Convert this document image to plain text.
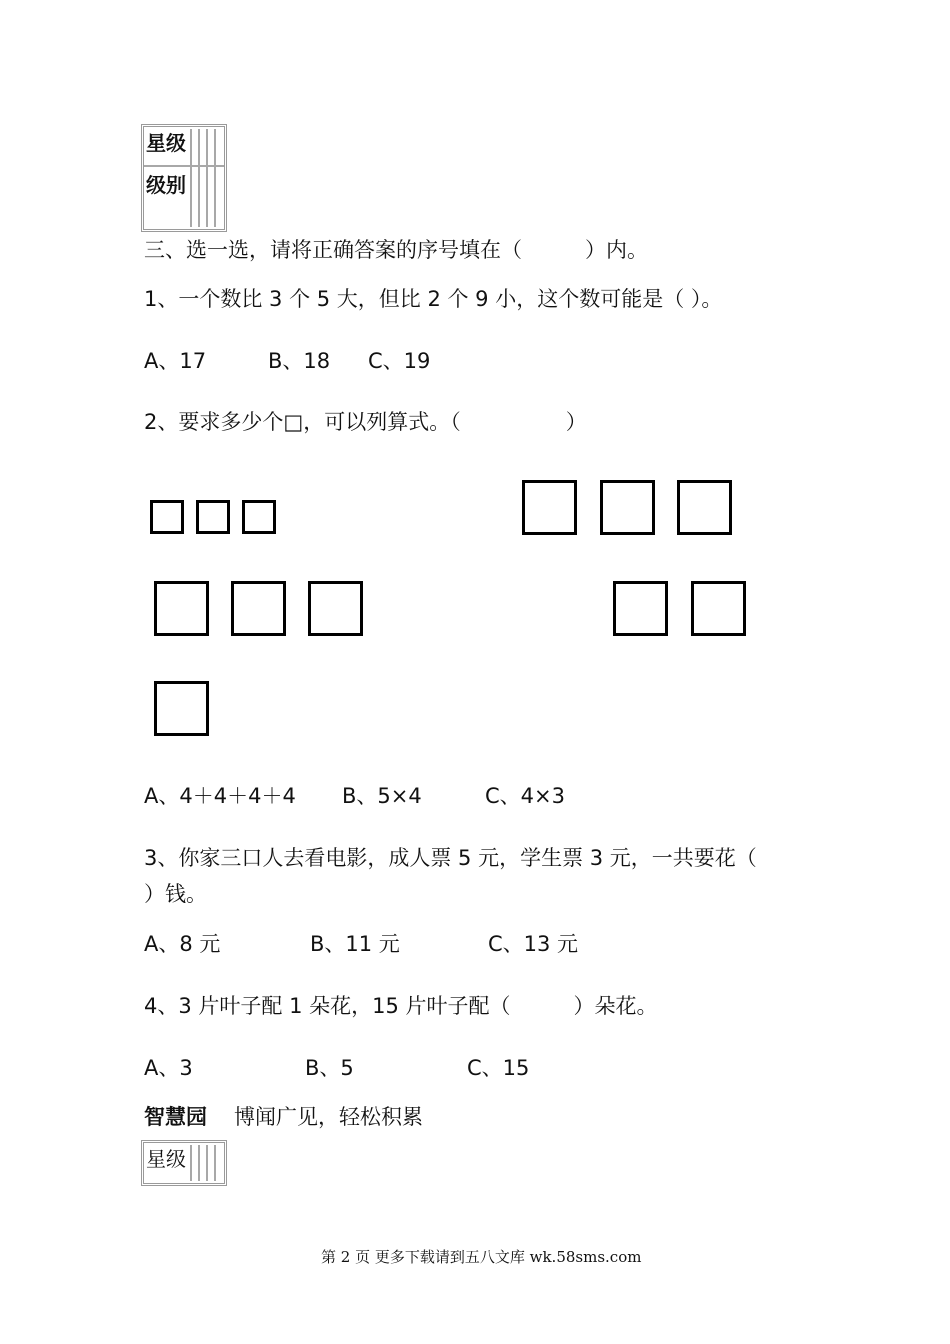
星级
级别
三、选一选，请将正确答案的序号填在（　　　）内。
1、一个数比 3 个 5 大，但比 2 个 9 小，这个数可能是（ ）。
A、17	B、18 C、19
2、要求多少个□，可以列算式。（　　　　　）
A、4＋4＋4＋4 B、5×4	C、4×3
3、你家三口人去看电影，成人票 5 元，学生票 3 元，一共要花（
）钱。
A、8 元	B、11 元	C、13 元
4、3 片叶子配 1 朵花，15 片叶子配（　　　）朵花。
A、3	B、5	C、15
智慧园 博闻广见，轻松积累
星级
第 2 页 更多下载请到五八文库 wk.58sms.com
